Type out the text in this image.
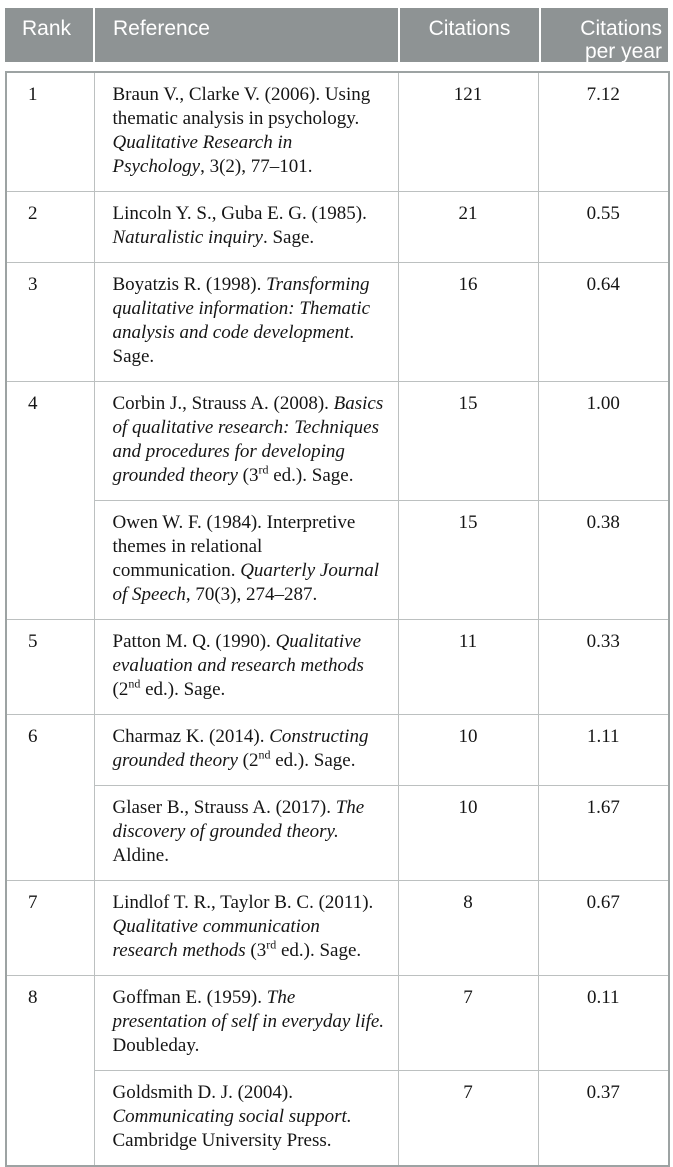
Rank	Reference	Citations	Citations per year
1	Braun V., Clarke V. (2006). Using thematic analysis in psychology. Qualitative Research in Psychology, 3(2), 77–101.	121	7.12
2	Lincoln Y. S., Guba E. G. (1985). Naturalistic inquiry. Sage.	21	0.55
3	Boyatzis R. (1998). Transforming qualitative information: Thematic analysis and code development. Sage.	16	0.64
4	Corbin J., Strauss A. (2008). Basics of qualitative research: Techniques and procedures for developing grounded theory (3rd ed.). Sage.	15	1.00
	Owen W. F. (1984). Interpretive themes in relational communication. Quarterly Journal of Speech, 70(3), 274–287.	15	0.38
5	Patton M. Q. (1990). Qualitative evaluation and research methods (2nd ed.). Sage.	11	0.33
6	Charmaz K. (2014). Constructing grounded theory (2nd ed.). Sage.	10	1.11
	Glaser B., Strauss A. (2017). The discovery of grounded theory. Aldine.	10	1.67
7	Lindlof T. R., Taylor B. C. (2011). Qualitative communication research methods (3rd ed.). Sage.	8	0.67
8	Goffman E. (1959). The presentation of self in everyday life. Doubleday.	7	0.11
	Goldsmith D. J. (2004). Communicating social support. Cambridge University Press.	7	0.37
